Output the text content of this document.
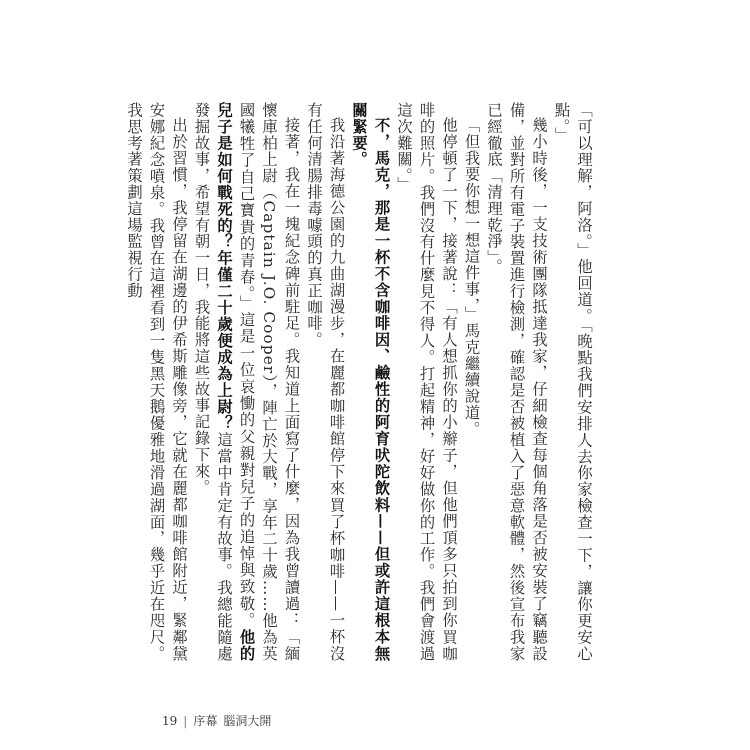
「可以理解，阿洛。」他回道。「晚點我們安排人去你家檢查一下，讓你更安心點。」

幾小時後，一支技術團隊抵達我家，仔細檢查每個角落是否被安裝了竊聽設備，並對所有電子裝置進行檢測，確認是否被植入了惡意軟體，然後宣布我家已經徹底「清理乾淨」。

「但我要你想一想這件事，」馬克繼續說道。

他停頓了一下，接著說：「有人想抓你的小辮子，但他們頂多只拍到你買咖啡的照片。我們沒有什麼見不得人。打起精神，好好做你的工作。我們會渡過這次難關。」

不，馬克，那是一杯不含咖啡因、鹼性的阿育吠陀飲料——但或許這根本無關緊要。

我沿著海德公園的九曲湖漫步，在麗都咖啡館停下來買了杯咖啡——一杯沒有任何清腸排毒噱頭的真正咖啡。

接著，我在一塊紀念碑前駐足。我知道上面寫了什麼，因為我曾讀過：「緬懷庫柏上尉（Captain J.O. Cooper），陣亡於大戰，享年二十歲……他為英國犧牲了自己寶貴的青春。」這是一位哀慟的父親對兒子的追悼與致敬。他的兒子是如何戰死的？年僅二十歲便成為上尉？這當中肯定有故事。我總能隨處發掘故事，希望有朝一日，我能將這些故事記錄下來。

出於習慣，我停留在湖邊的伊希斯雕像旁，它就在麗都咖啡館附近，緊鄰黛安娜紀念噴泉。我曾在這裡看到一隻黑天鵝優雅地滑過湖面，幾乎近在咫尺。我思考著策劃這場監視行動

19 | 序幕 腦洞大開
